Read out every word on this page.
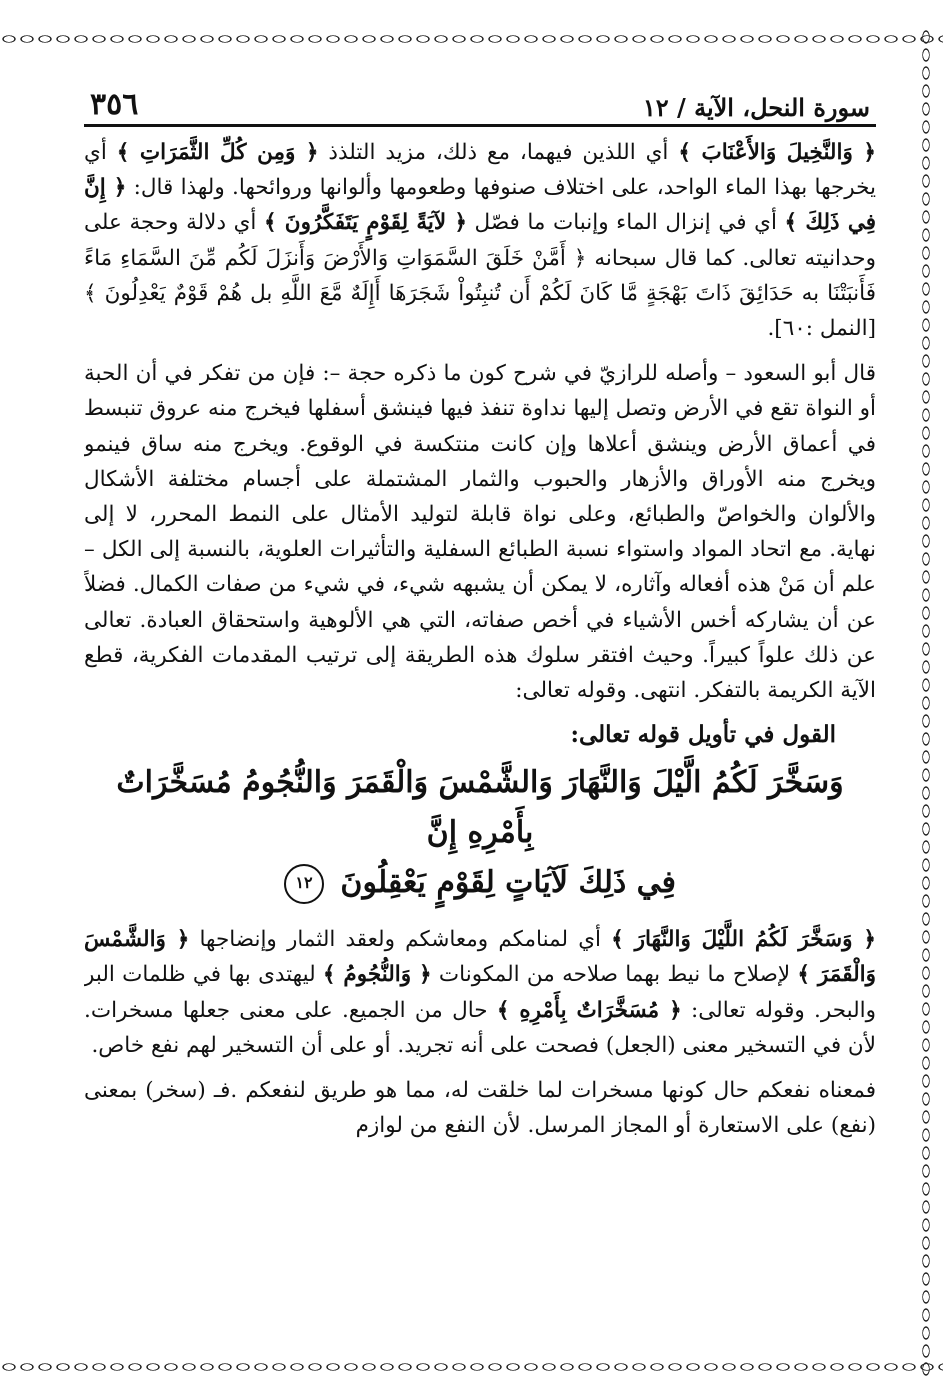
سورة النحل، الآية / ١٢
٣٥٦

﴿ وَالنَّخِيلَ وَالأَعْنَابَ ﴾ أي اللذين فيهما، مع ذلك، مزيد التلذذ ﴿ وَمِن كُلِّ الثَّمَرَاتِ ﴾ أي يخرجها بهذا الماء الواحد، على اختلاف صنوفها وطعومها وألوانها وروائحها. ولهذا قال: ﴿ إِنَّ فِي ذَلِكَ ﴾ أي في إنزال الماء وإنبات ما فصّل ﴿ لآيَةً لِقَوْمٍ يَتَفَكَّرُونَ ﴾ أي دلالة وحجة على وحدانيته تعالى. كما قال سبحانه ﴿ أَمَّنْ خَلَقَ السَّمَوَاتِ وَالأَرْضَ وَأَنزَلَ لَكُم مِّنَ السَّمَاءِ مَاءً فَأَنبَتْنَا به حَدَائِقَ ذَاتَ بَهْجَةٍ مَّا كَانَ لَكُمْ أَن تُنبِتُواْ شَجَرَهَا أَإِلَهٌ مَّعَ اللَّهِ بل هُمْ قَوْمٌ يَعْدِلُونَ ﴾ [النمل :٦٠].

قال أبو السعود – وأصله للرازيّ في شرح كون ما ذكره حجة –: فإن من تفكر في أن الحبة أو النواة تقع في الأرض وتصل إليها نداوة تنفذ فيها فينشق أسفلها فيخرج منه عروق تنبسط في أعماق الأرض وينشق أعلاها وإن كانت منتكسة في الوقوع. ويخرج منه ساق فينمو ويخرج منه الأوراق والأزهار والحبوب والثمار المشتملة على أجسام مختلفة الأشكال والألوان والخواصّ والطبائع، وعلى نواة قابلة لتوليد الأمثال على النمط المحرر، لا إلى نهاية. مع اتحاد المواد واستواء نسبة الطبائع السفلية والتأثيرات العلوية، بالنسبة إلى الكل – علم أن مَنْ هذه أفعاله وآثاره، لا يمكن أن يشبهه شيء، في شيء من صفات الكمال. فضلاً عن أن يشاركه أخس الأشياء في أخص صفاته، التي هي الألوهية واستحقاق العبادة. تعالى عن ذلك علواً كبيراً. وحيث افتقر سلوك هذه الطريقة إلى ترتيب المقدمات الفكرية، قطع الآية الكريمة بالتفكر. انتهى. وقوله تعالى:

القول في تأويل قوله تعالى:
وَسَخَّرَ لَكُمُ الَّيْلَ وَالنَّهَارَ وَالشَّمْسَ وَالْقَمَرَ وَالنُّجُومُ مُسَخَّرَاتٌ بِأَمْرِهِ إِنَّ
فِي ذَلِكَ لَآيَاتٍ لِقَوْمٍ يَعْقِلُونَ ١٢

﴿ وَسَخَّرَ لَكُمُ اللَّيْلَ وَالنَّهَارَ ﴾ أي لمنامكم ومعاشكم ولعقد الثمار وإنضاجها ﴿ وَالشَّمْسَ وَالْقَمَرَ ﴾ لإصلاح ما نيط بهما صلاحه من المكونات ﴿ وَالنُّجُومُ ﴾ ليهتدى بها في ظلمات البر والبحر. وقوله تعالى: ﴿ مُسَخَّرَاتٌ بِأَمْرِهِ ﴾ حال من الجميع. على معنى جعلها مسخرات. لأن في التسخير معنى (الجعل) فصحت على أنه تجريد. أو على أن التسخير لهم نفع خاص.

فمعناه نفعكم حال كونها مسخرات لما خلقت له، مما هو طريق لنفعكم .فـ (سخر) بمعنى (نفع) على الاستعارة أو المجاز المرسل. لأن النفع من لوازم
